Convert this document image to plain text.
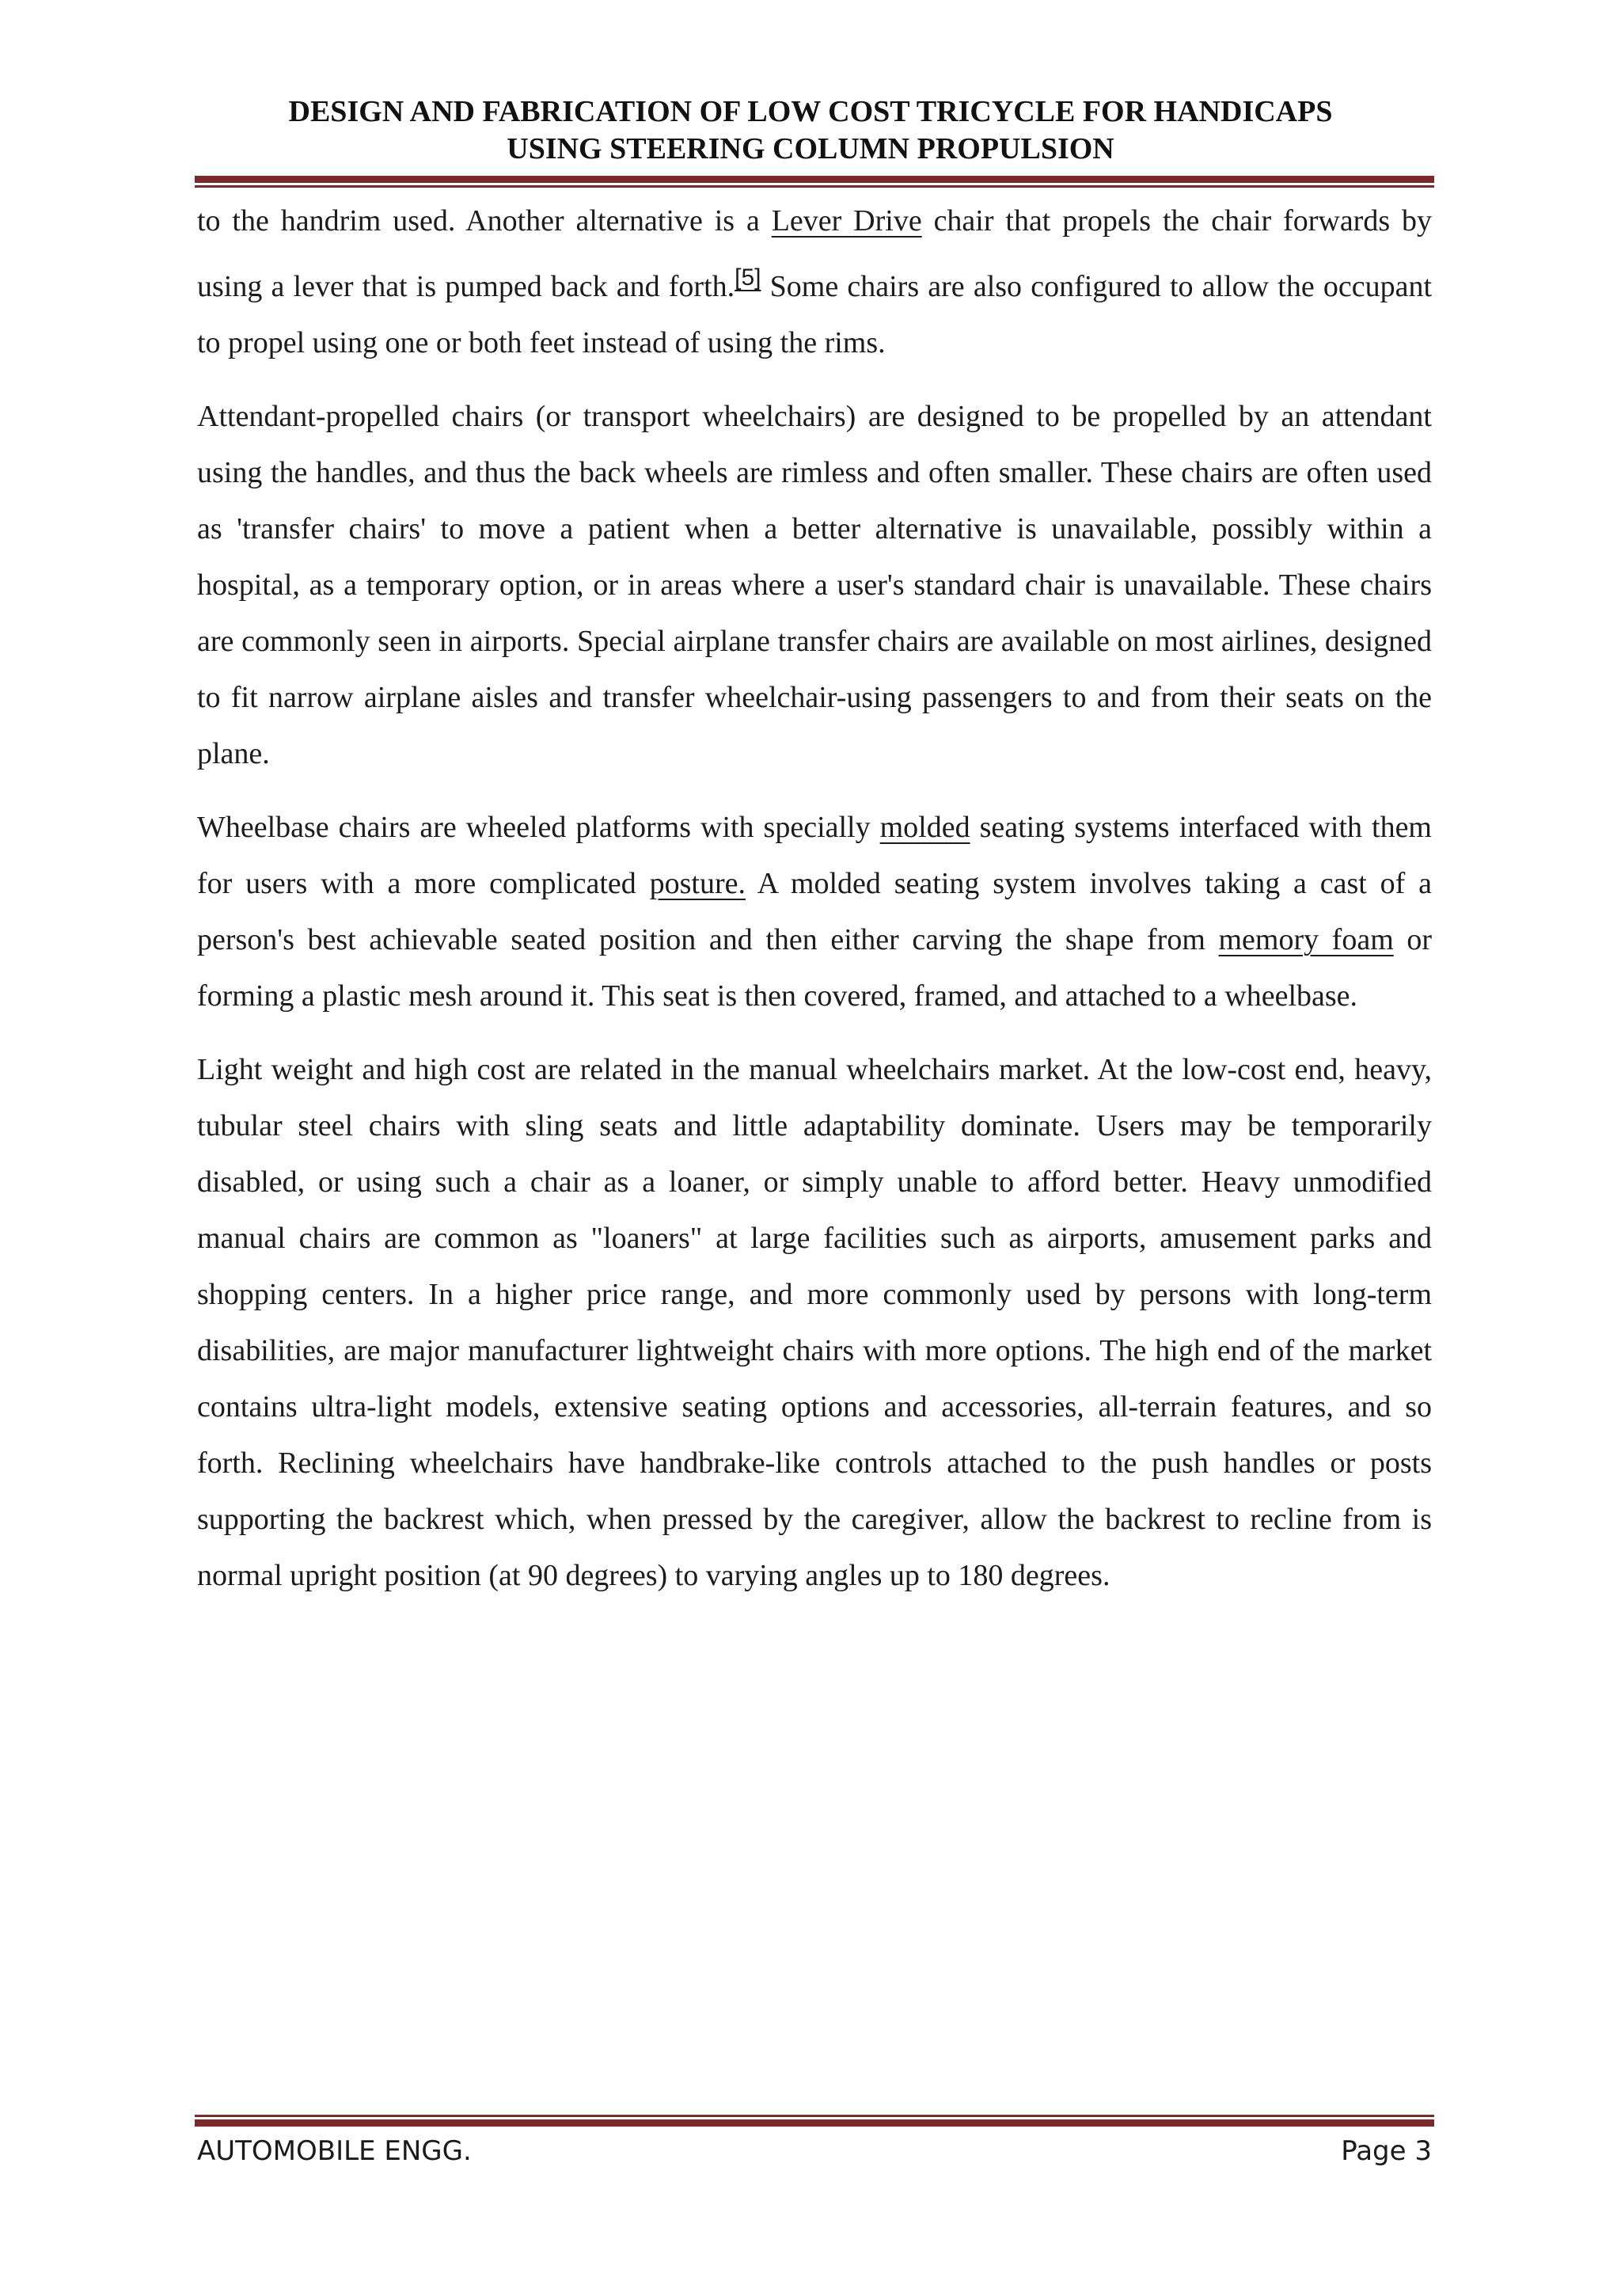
DESIGN AND FABRICATION OF LOW COST TRICYCLE FOR HANDICAPS
USING STEERING COLUMN PROPULSION

to the handrim used. Another alternative is a Lever Drive chair that propels the chair forwards by using a lever that is pumped back and forth.[5] Some chairs are also configured to allow the occupant to propel using one or both feet instead of using the rims.

Attendant-propelled chairs (or transport wheelchairs) are designed to be propelled by an attendant using the handles, and thus the back wheels are rimless and often smaller. These chairs are often used as 'transfer chairs' to move a patient when a better alternative is unavailable, possibly within a hospital, as a temporary option, or in areas where a user's standard chair is unavailable. These chairs are commonly seen in airports. Special airplane transfer chairs are available on most airlines, designed to fit narrow airplane aisles and transfer wheelchair-using passengers to and from their seats on the plane.

Wheelbase chairs are wheeled platforms with specially molded seating systems interfaced with them for users with a more complicated posture. A molded seating system involves taking a cast of a person's best achievable seated position and then either carving the shape from memory foam or forming a plastic mesh around it. This seat is then covered, framed, and attached to a wheelbase.

Light weight and high cost are related in the manual wheelchairs market. At the low-cost end, heavy, tubular steel chairs with sling seats and little adaptability dominate. Users may be temporarily disabled, or using such a chair as a loaner, or simply unable to afford better. Heavy unmodified manual chairs are common as "loaners" at large facilities such as airports, amusement parks and shopping centers. In a higher price range, and more commonly used by persons with long-term disabilities, are major manufacturer lightweight chairs with more options. The high end of the market contains ultra-light models, extensive seating options and accessories, all-terrain features, and so forth. Reclining wheelchairs have handbrake-like controls attached to the push handles or posts supporting the backrest which, when pressed by the caregiver, allow the backrest to recline from is normal upright position (at 90 degrees) to varying angles up to 180 degrees.

AUTOMOBILE ENGG.	Page 3
